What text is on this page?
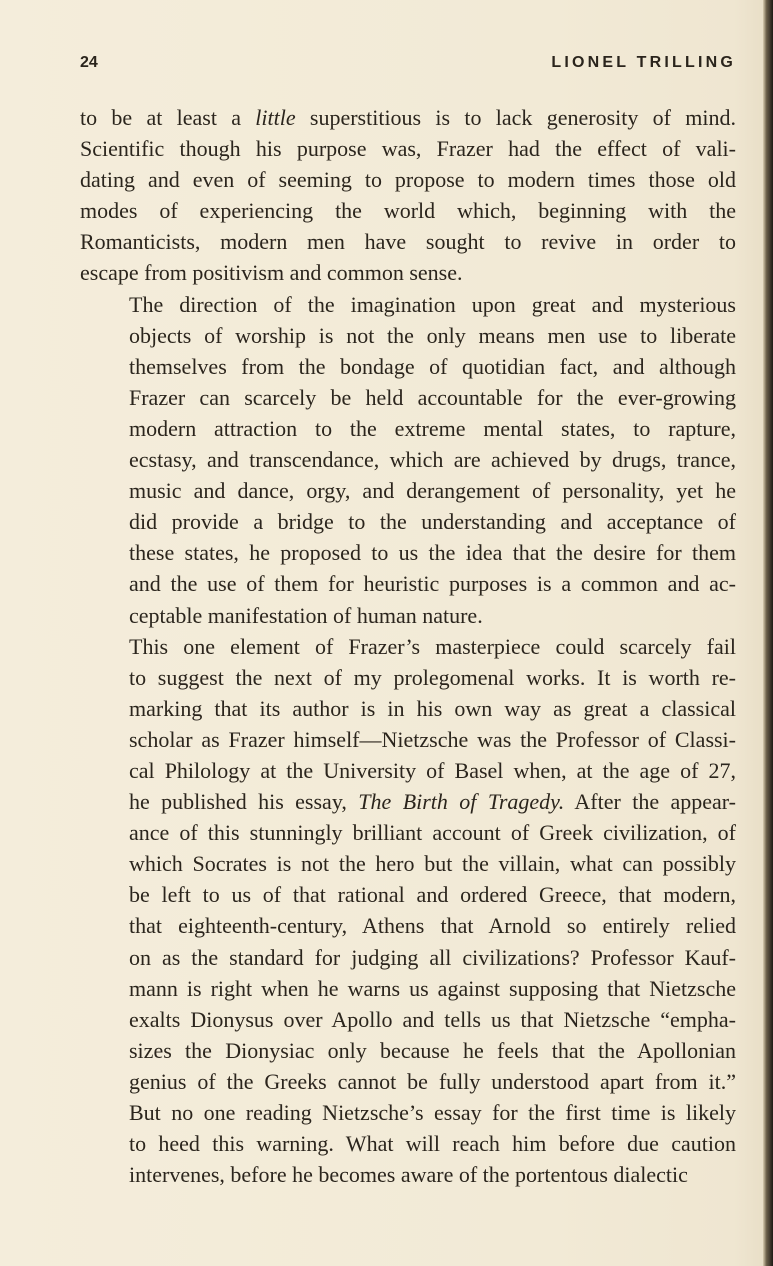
24	LIONEL TRILLING

to be at least a little superstitious is to lack generosity of mind.
Scientific though his purpose was, Frazer had the effect of vali-
dating and even of seeming to propose to modern times those old
modes of experiencing the world which, beginning with the
Romanticists, modern men have sought to revive in order to
escape from positivism and common sense.

The direction of the imagination upon great and mysterious
objects of worship is not the only means men use to liberate
themselves from the bondage of quotidian fact, and although
Frazer can scarcely be held accountable for the ever-growing
modern attraction to the extreme mental states, to rapture,
ecstasy, and transcendance, which are achieved by drugs, trance,
music and dance, orgy, and derangement of personality, yet he
did provide a bridge to the understanding and acceptance of
these states, he proposed to us the idea that the desire for them
and the use of them for heuristic purposes is a common and ac-
ceptable manifestation of human nature.

This one element of Frazer’s masterpiece could scarcely fail
to suggest the next of my prolegomenal works. It is worth re-
marking that its author is in his own way as great a classical
scholar as Frazer himself—Nietzsche was the Professor of Classi-
cal Philology at the University of Basel when, at the age of 27,
he published his essay, The Birth of Tragedy. After the appear-
ance of this stunningly brilliant account of Greek civilization, of
which Socrates is not the hero but the villain, what can possibly
be left to us of that rational and ordered Greece, that modern,
that eighteenth-century, Athens that Arnold so entirely relied
on as the standard for judging all civilizations? Professor Kauf-
mann is right when he warns us against supposing that Nietzsche
exalts Dionysus over Apollo and tells us that Nietzsche “empha-
sizes the Dionysiac only because he feels that the Apollonian
genius of the Greeks cannot be fully understood apart from it.”
But no one reading Nietzsche’s essay for the first time is likely
to heed this warning. What will reach him before due caution
intervenes, before he becomes aware of the portentous dialectic
